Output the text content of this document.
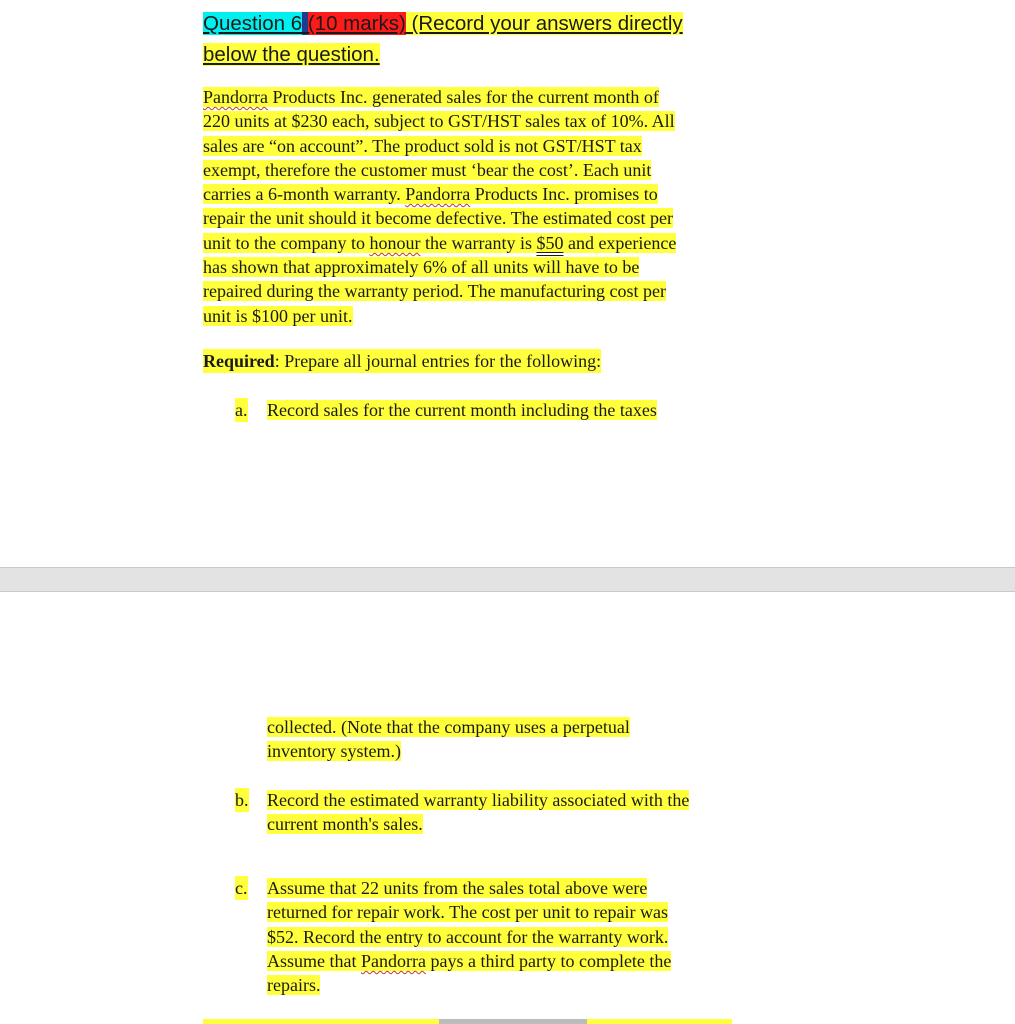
Question 6 (10 marks) (Record your answers directly
below the question.
Pandorra Products Inc. generated sales for the current month of
220 units at $230 each, subject to GST/HST sales tax of 10%. All
sales are “on account”. The product sold is not GST/HST tax
exempt, therefore the customer must ‘bear the cost’. Each unit
carries a 6-month warranty. Pandorra Products Inc. promises to
repair the unit should it become defective. The estimated cost per
unit to the company to honour the warranty is $50 and experience
has shown that approximately 6% of all units will have to be
repaired during the warranty period. The manufacturing cost per
unit is $100 per unit.
Required: Prepare all journal entries for the following:
a. Record sales for the current month including the taxes
collected. (Note that the company uses a perpetual
inventory system.)
b. Record the estimated warranty liability associated with the
current month's sales.
c. Assume that 22 units from the sales total above were
returned for repair work. The cost per unit to repair was
$52. Record the entry to account for the warranty work.
Assume that Pandorra pays a third party to complete the
repairs.
